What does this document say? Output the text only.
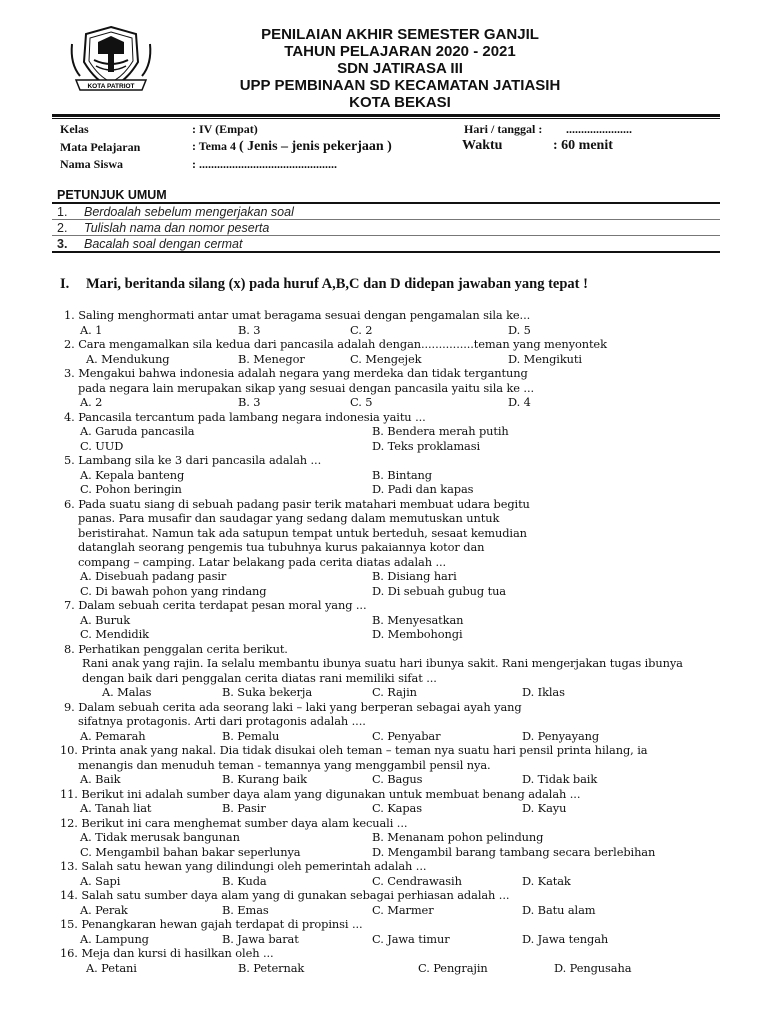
KOTA PATRIOT
PENILAIAN AKHIR SEMESTER GANJIL
TAHUN PELAJARAN 2020 - 2021
SDN JATIRASA III
UPP PEMBINAAN SD KECAMATAN JATIASIH
KOTA BEKASI
Kelas	: IV (Empat)	Hari / tanggal : ......................
Mata Pelajaran	: Tema 4 ( Jenis – jenis pekerjaan )	Waktu	: 60 menit
Nama Siswa	: ..............................................
PETUNJUK UMUM
1. Berdoalah sebelum mengerjakan soal
2. Tulislah nama dan nomor peserta
3. Bacalah soal dengan cermat
I. Mari, beritanda silang (x) pada huruf A,B,C dan D didepan jawaban yang tepat !
1. Saling menghormati antar umat beragama sesuai dengan pengamalan sila ke...
A. 1	B. 3	C. 2	D. 5
2. Cara mengamalkan sila kedua dari pancasila adalah dengan...............teman yang menyontek
A. Mendukung	B. Menegor	C. Mengejek	D. Mengikuti
3. Mengakui bahwa indonesia adalah negara yang merdeka dan tidak tergantung
pada negara lain merupakan sikap yang sesuai dengan pancasila yaitu sila ke ...
A. 2	B. 3	C. 5	D. 4
4. Pancasila tercantum pada lambang negara indonesia yaitu ...
A. Garuda pancasila	B. Bendera merah putih
C. UUD	D. Teks proklamasi
5. Lambang sila ke 3 dari pancasila adalah ...
A. Kepala banteng	B. Bintang
C. Pohon beringin	D. Padi dan kapas
6. Pada suatu siang di sebuah padang pasir terik matahari membuat udara begitu
panas. Para musafir dan saudagar yang sedang dalam memutuskan untuk
beristirahat. Namun tak ada satupun tempat untuk berteduh, sesaat kemudian
datanglah seorang pengemis tua tubuhnya kurus pakaiannya kotor dan
compang – camping. Latar belakang pada cerita diatas adalah ...
A. Disebuah padang pasir	B. Disiang hari
C. Di bawah pohon yang rindang	D. Di sebuah gubug tua
7. Dalam sebuah cerita terdapat pesan moral yang ...
A. Buruk	B. Menyesatkan
C. Mendidik	D. Membohongi
8. Perhatikan penggalan cerita berikut.
Rani anak yang rajin. Ia selalu membantu ibunya suatu hari ibunya sakit. Rani mengerjakan tugas ibunya
dengan baik dari penggalan cerita diatas rani memiliki sifat ...
A. Malas	B. Suka bekerja	C. Rajin	D. Iklas
9. Dalam sebuah cerita ada seorang laki – laki yang berperan sebagai ayah yang
sifatnya protagonis. Arti dari protagonis adalah ....
A. Pemarah	B. Pemalu	C. Penyabar	D. Penyayang
10. Printa anak yang nakal. Dia tidak disukai oleh teman – teman nya suatu hari pensil printa hilang, ia
menangis dan menuduh teman - temannya yang menggambil pensil nya.
A. Baik	B. Kurang baik	C. Bagus	D. Tidak baik
11. Berikut ini adalah sumber daya alam yang digunakan untuk membuat benang adalah ...
A. Tanah liat	B. Pasir	C. Kapas	D. Kayu
12. Berikut ini cara menghemat sumber daya alam kecuali ...
A. Tidak merusak bangunan	B. Menanam pohon pelindung
C. Mengambil bahan bakar seperlunya	D. Mengambil barang tambang secara berlebihan
13. Salah satu hewan yang dilindungi oleh pemerintah adalah ...
A. Sapi	B. Kuda	C. Cendrawasih	D. Katak
14. Salah satu sumber daya alam yang di gunakan sebagai perhiasan adalah ...
A. Perak	B. Emas	C. Marmer	D. Batu alam
15. Penangkaran hewan gajah terdapat di propinsi ...
A. Lampung	B. Jawa barat	C. Jawa timur	D. Jawa tengah
16. Meja dan kursi di hasilkan oleh ...
A. Petani	B. Peternak	C. Pengrajin	D. Pengusaha
